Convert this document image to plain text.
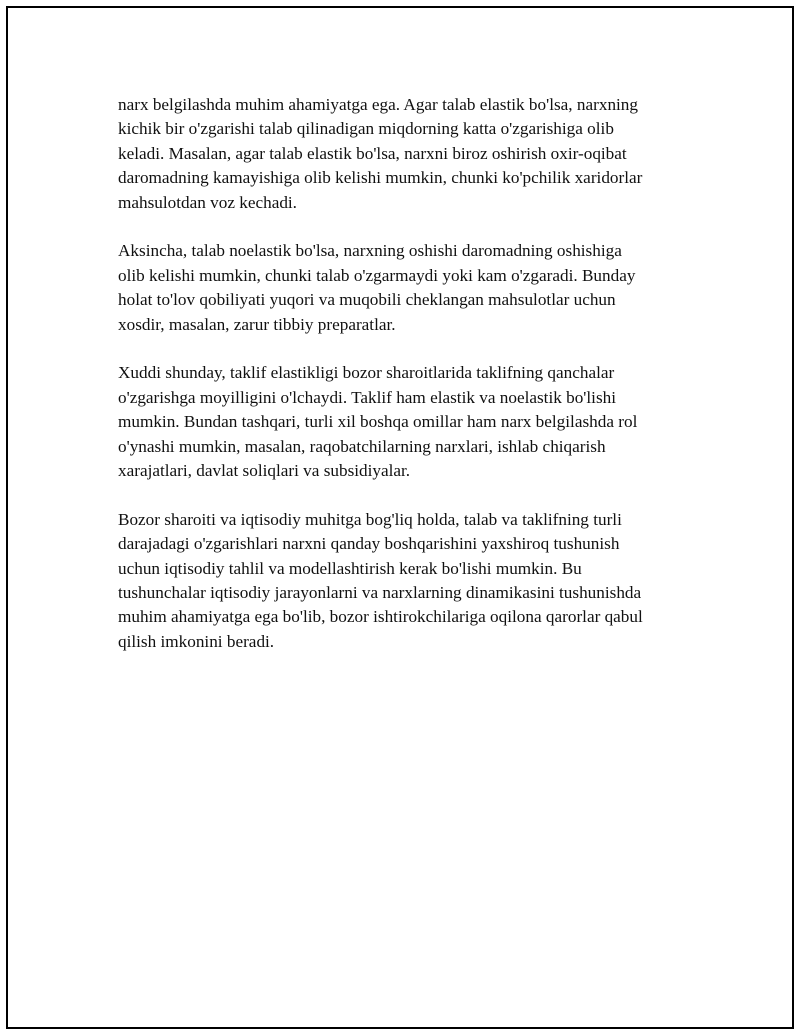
narx belgilashda muhim ahamiyatga ega. Agar talab elastik bo'lsa, narxning
kichik bir o'zgarishi talab qilinadigan miqdorning katta o'zgarishiga olib
keladi. Masalan, agar talab elastik bo'lsa, narxni biroz oshirish oxir-oqibat
daromadning kamayishiga olib kelishi mumkin, chunki ko'pchilik xaridorlar
mahsulotdan voz kechadi.

Aksincha, talab noelastik bo'lsa, narxning oshishi daromadning oshishiga
olib kelishi mumkin, chunki talab o'zgarmaydi yoki kam o'zgaradi. Bunday
holat to'lov qobiliyati yuqori va muqobili cheklangan mahsulotlar uchun
xosdir, masalan, zarur tibbiy preparatlar.

Xuddi shunday, taklif elastikligi bozor sharoitlarida taklifning qanchalar
o'zgarishga moyilligini o'lchaydi. Taklif ham elastik va noelastik bo'lishi
mumkin. Bundan tashqari, turli xil boshqa omillar ham narx belgilashda rol
o'ynashi mumkin, masalan, raqobatchilarning narxlari, ishlab chiqarish
xarajatlari, davlat soliqlari va subsidiyalar.

Bozor sharoiti va iqtisodiy muhitga bog'liq holda, talab va taklifning turli
darajadagi o'zgarishlari narxni qanday boshqarishini yaxshiroq tushunish
uchun iqtisodiy tahlil va modellashtirish kerak bo'lishi mumkin. Bu
tushunchalar iqtisodiy jarayonlarni va narxlarning dinamikasini tushunishda
muhim ahamiyatga ega bo'lib, bozor ishtirokchilariga oqilona qarorlar qabul
qilish imkonini beradi.
